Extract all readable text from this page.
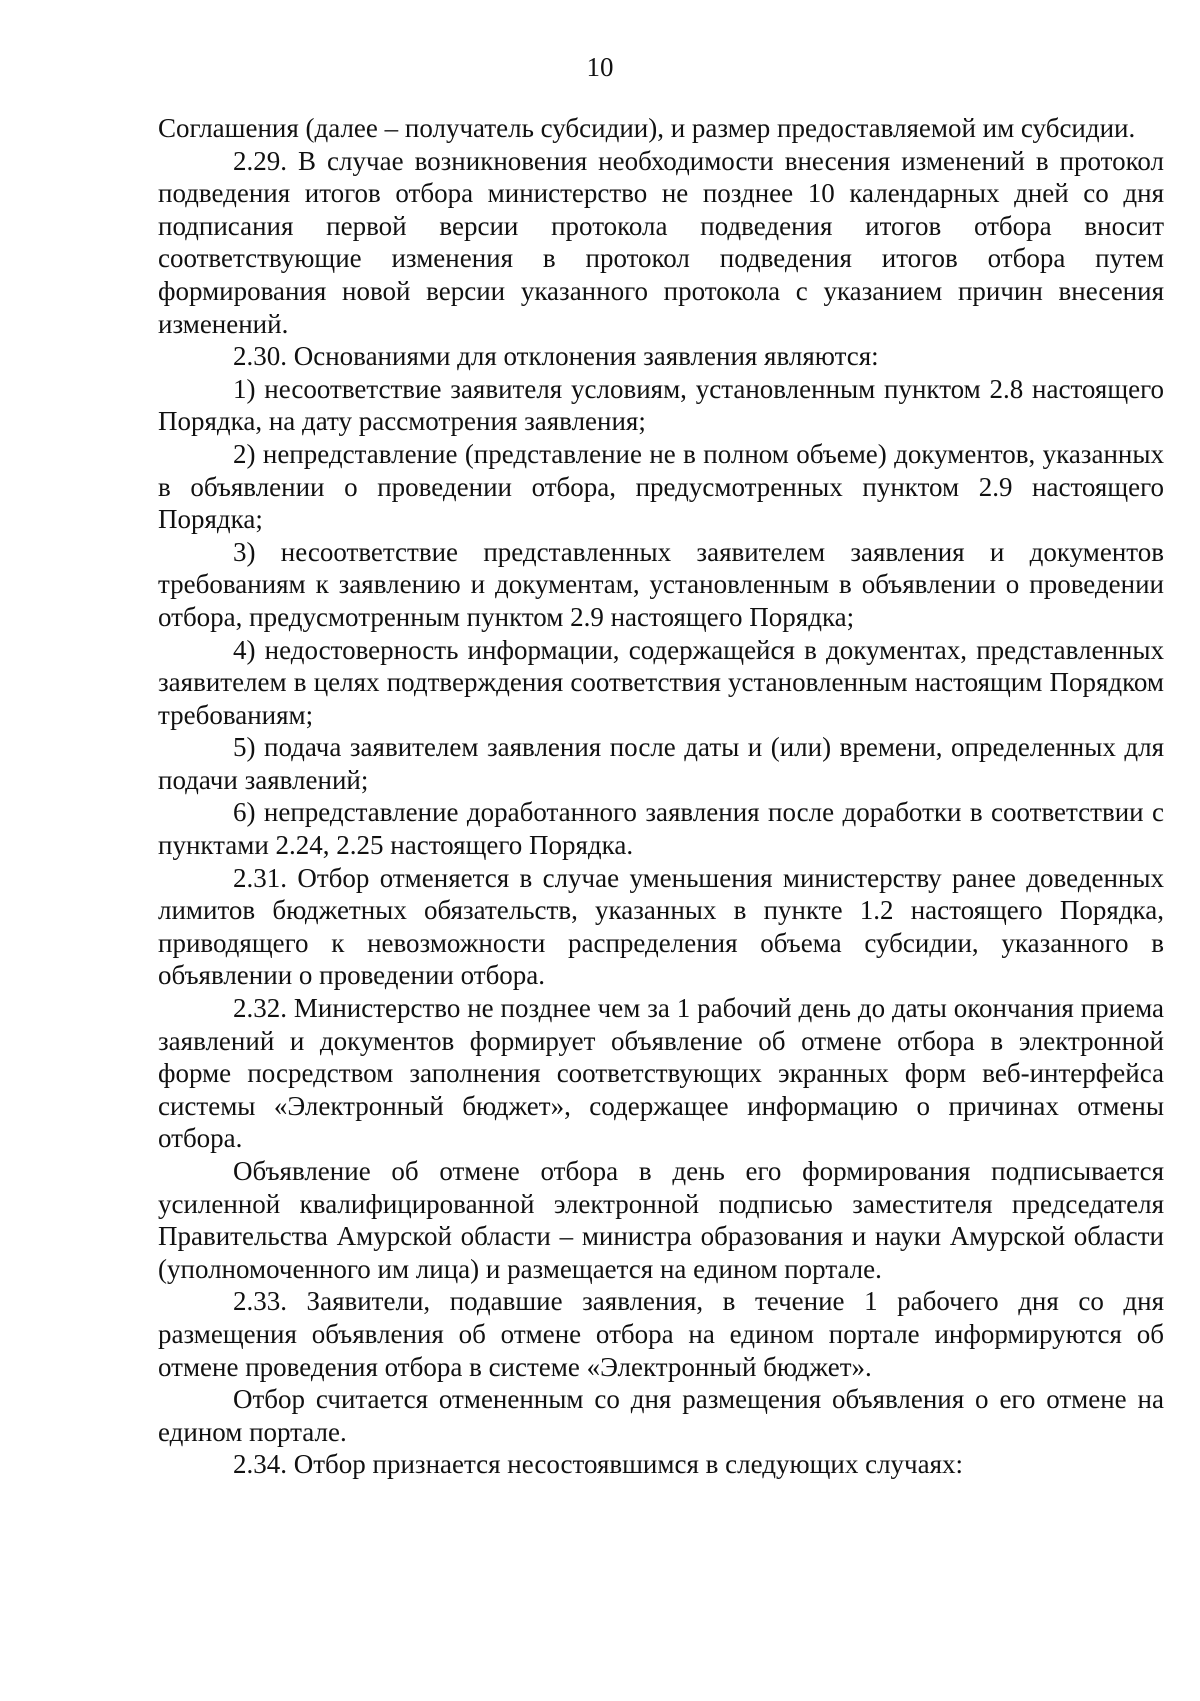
10

Соглашения (далее – получатель субсидии), и размер предоставляемой им субсидии.

2.29. В случае возникновения необходимости внесения изменений в протокол подведения итогов отбора министерство не позднее 10 календарных дней со дня подписания первой версии протокола подведения итогов отбора вносит соответствующие изменения в протокол подведения итогов отбора путем формирования новой версии указанного протокола с указанием причин внесения изменений.

2.30. Основаниями для отклонения заявления являются:

1) несоответствие заявителя условиям, установленным пунктом 2.8 настоящего Порядка, на дату рассмотрения заявления;

2) непредставление (представление не в полном объеме) документов, указанных в объявлении о проведении отбора, предусмотренных пунктом 2.9 настоящего Порядка;

3) несоответствие представленных заявителем заявления и документов требованиям к заявлению и документам, установленным в объявлении о проведении отбора, предусмотренным пунктом 2.9 настоящего Порядка;

4) недостоверность информации, содержащейся в документах, представленных заявителем в целях подтверждения соответствия установленным настоящим Порядком требованиям;

5) подача заявителем заявления после даты и (или) времени, определенных для подачи заявлений;

6) непредставление доработанного заявления после доработки в соответствии с пунктами 2.24, 2.25 настоящего Порядка.

2.31. Отбор отменяется в случае уменьшения министерству ранее доведенных лимитов бюджетных обязательств, указанных в пункте 1.2 настоящего Порядка, приводящего к невозможности распределения объема субсидии, указанного в объявлении о проведении отбора.

2.32. Министерство не позднее чем за 1 рабочий день до даты окончания приема заявлений и документов формирует объявление об отмене отбора в электронной форме посредством заполнения соответствующих экранных форм веб-интерфейса системы «Электронный бюджет», содержащее информацию о причинах отмены отбора.

Объявление об отмене отбора в день его формирования подписывается усиленной квалифицированной электронной подписью заместителя председателя Правительства Амурской области – министра образования и науки Амурской области (уполномоченного им лица) и размещается на едином портале.

2.33. Заявители, подавшие заявления, в течение 1 рабочего дня со дня размещения объявления об отмене отбора на едином портале информируются об отмене проведения отбора в системе «Электронный бюджет».

Отбор считается отмененным со дня размещения объявления о его отмене на едином портале.

2.34. Отбор признается несостоявшимся в следующих случаях:
